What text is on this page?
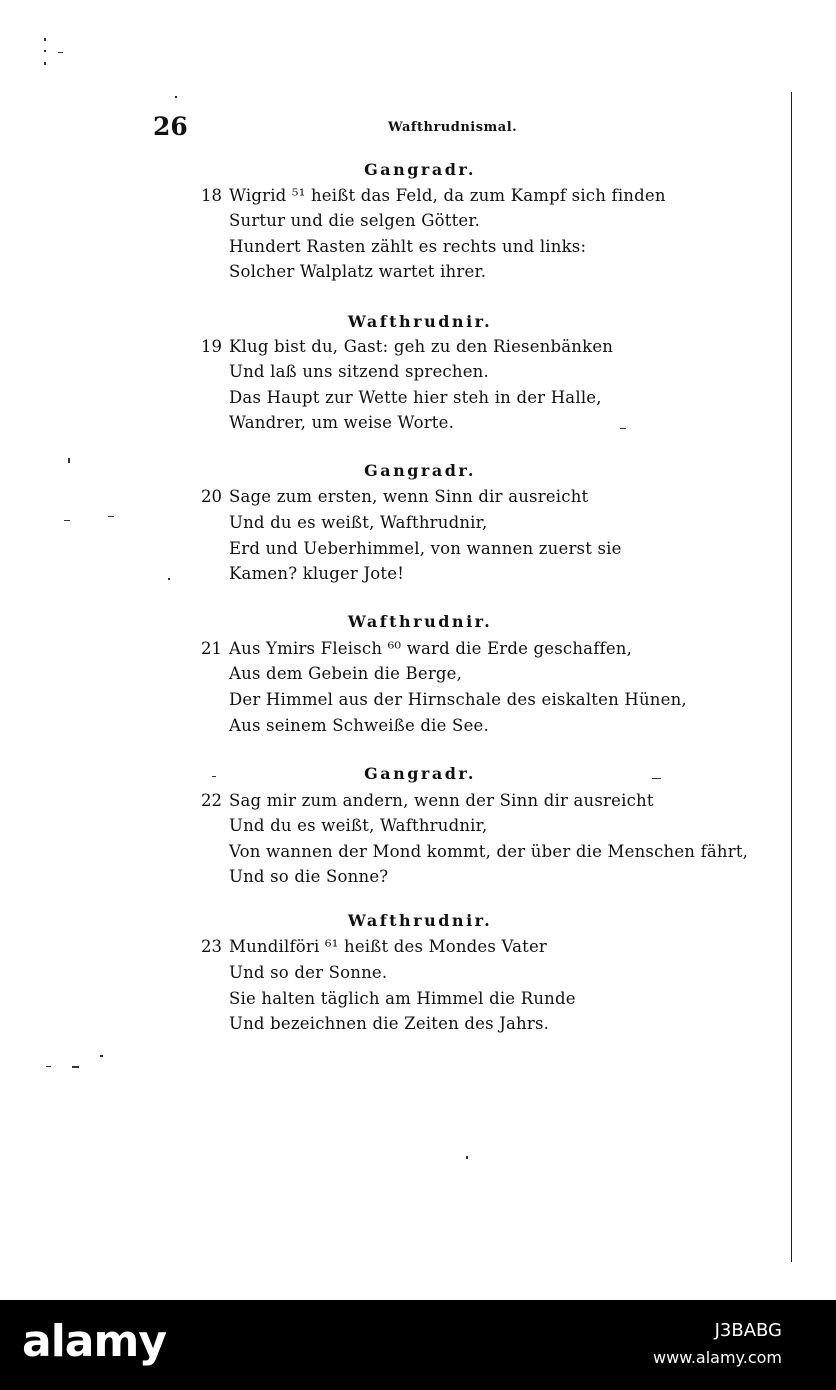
26	Wafthrudnismal.
Gangradr.
18 Wigrid ⁵¹ heißt das Feld, da zum Kampf sich finden
Surtur und die selgen Götter.
Hundert Rasten zählt es rechts und links:
Solcher Walplatz wartet ihrer.
Wafthrudnir.
19 Klug bist du, Gast: geh zu den Riesenbänken
Und laß uns sitzend sprechen.
Das Haupt zur Wette hier steh in der Halle,
Wandrer, um weise Worte.
Gangradr.
20 Sage zum ersten, wenn Sinn dir ausreicht
Und du es weißt, Wafthrudnir,
Erd und Ueberhimmel, von wannen zuerst sie
Kamen? kluger Jote!
Wafthrudnir.
21 Aus Ymirs Fleisch ⁶⁰ ward die Erde geschaffen,
Aus dem Gebein die Berge,
Der Himmel aus der Hirnschale des eiskalten Hünen,
Aus seinem Schweiße die See.
Gangradr.
22 Sag mir zum andern, wenn der Sinn dir ausreicht
Und du es weißt, Wafthrudnir,
Von wannen der Mond kommt, der über die Menschen fährt,
Und so die Sonne?
Wafthrudnir.
23 Mundilföri ⁶¹ heißt des Mondes Vater
Und so der Sonne.
Sie halten täglich am Himmel die Runde
Und bezeichnen die Zeiten des Jahrs.
alamy	J3BABG
www.alamy.com
